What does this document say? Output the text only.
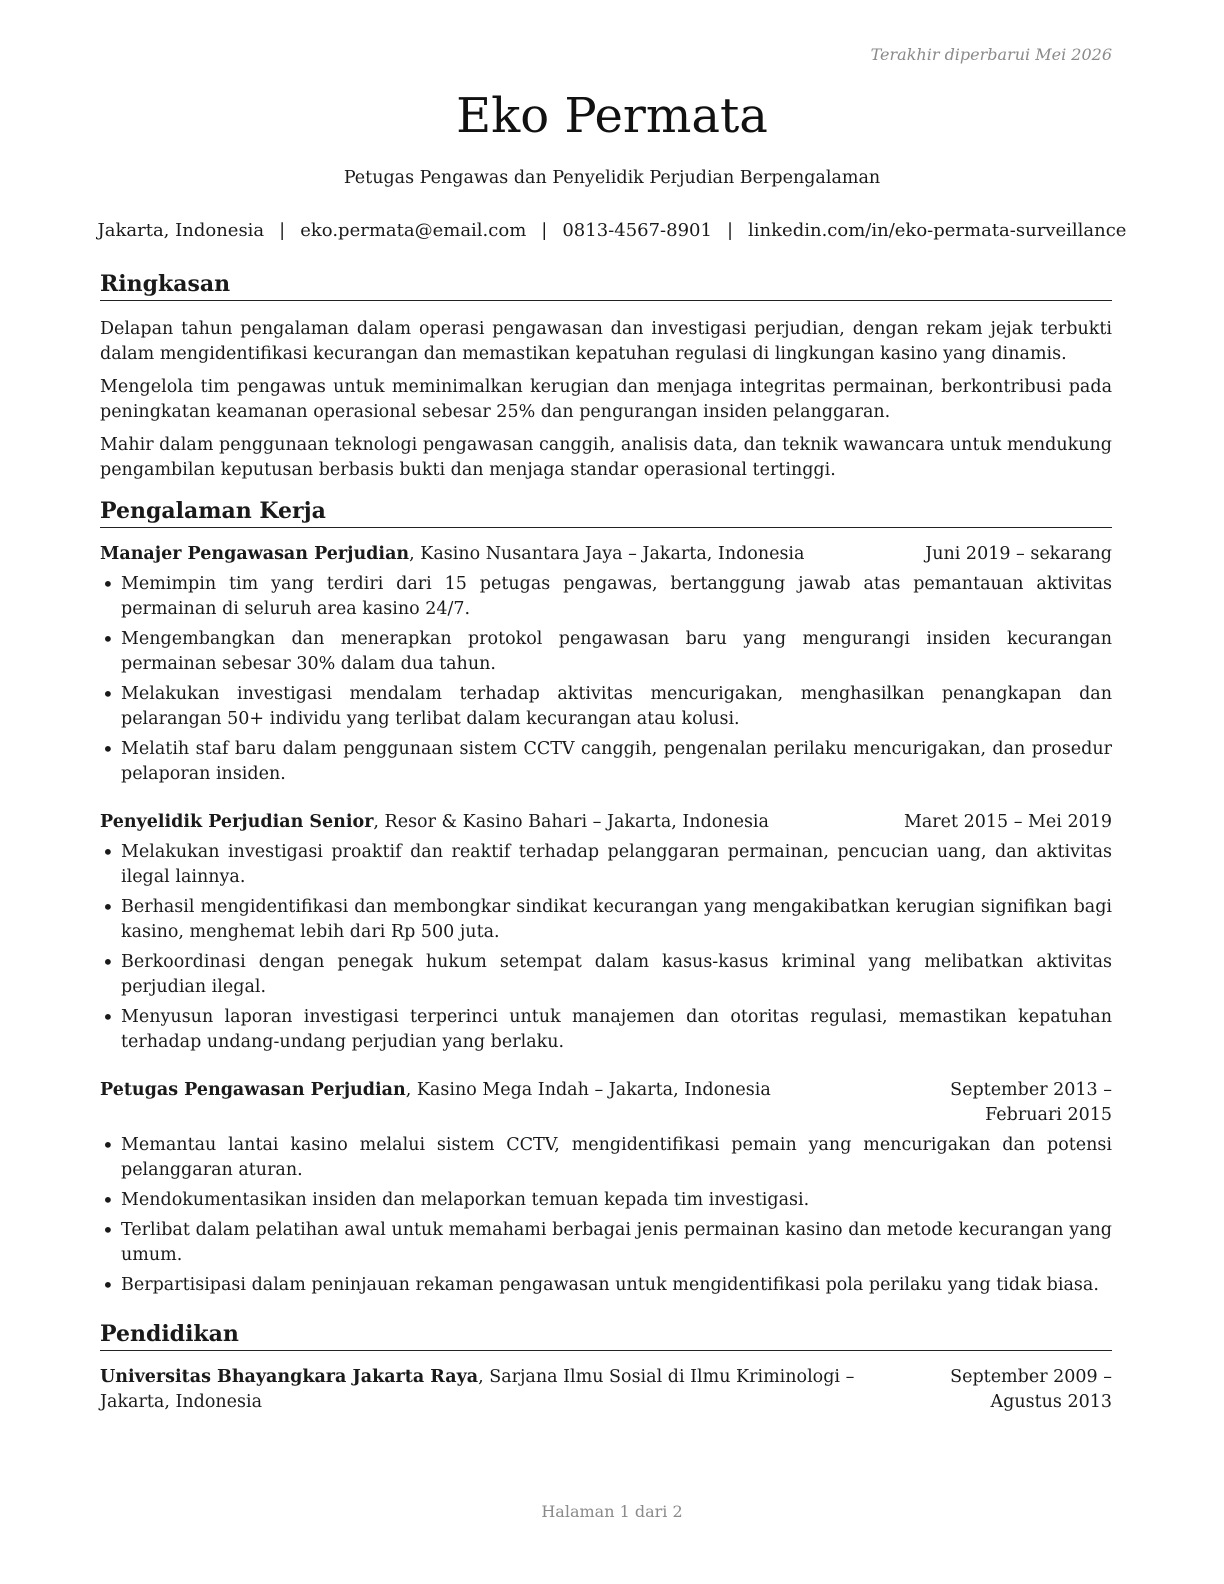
Terakhir diperbarui Mei 2026
Eko Permata
Petugas Pengawas dan Penyelidik Perjudian Berpengalaman
Jakarta, Indonesia | eko.permata@email.com | 0813-4567-8901 | linkedin.com/in/eko-permata-surveillance
Ringkasan

Delapan tahun pengalaman dalam operasi pengawasan dan investigasi perjudian, dengan rekam jejak terbukti dalam mengidentifikasi kecurangan dan memastikan kepatuhan regulasi di lingkungan kasino yang dinamis.

Mengelola tim pengawas untuk meminimalkan kerugian dan menjaga integritas permainan, berkontribusi pada peningkatan keamanan operasional sebesar 25% dan pengurangan insiden pelanggaran.

Mahir dalam penggunaan teknologi pengawasan canggih, analisis data, dan teknik wawancara untuk mendukung pengambilan keputusan berbasis bukti dan menjaga standar operasional tertinggi.

Pengalaman Kerja
Manajer Pengawasan Perjudian, Kasino Nusantara Jaya – Jakarta, Indonesia	Juni 2019 – sekarang
• Memimpin tim yang terdiri dari 15 petugas pengawas, bertanggung jawab atas pemantauan aktivitas permainan di seluruh area kasino 24/7.
• Mengembangkan dan menerapkan protokol pengawasan baru yang mengurangi insiden kecurangan permainan sebesar 30% dalam dua tahun.
• Melakukan investigasi mendalam terhadap aktivitas mencurigakan, menghasilkan penangkapan dan pelarangan 50+ individu yang terlibat dalam kecurangan atau kolusi.
• Melatih staf baru dalam penggunaan sistem CCTV canggih, pengenalan perilaku mencurigakan, dan prosedur pelaporan insiden.
Penyelidik Perjudian Senior, Resor & Kasino Bahari – Jakarta, Indonesia	Maret 2015 – Mei 2019
• Melakukan investigasi proaktif dan reaktif terhadap pelanggaran permainan, pencucian uang, dan aktivitas ilegal lainnya.
• Berhasil mengidentifikasi dan membongkar sindikat kecurangan yang mengakibatkan kerugian signifikan bagi kasino, menghemat lebih dari Rp 500 juta.
• Berkoordinasi dengan penegak hukum setempat dalam kasus-kasus kriminal yang melibatkan aktivitas perjudian ilegal.
• Menyusun laporan investigasi terperinci untuk manajemen dan otoritas regulasi, memastikan kepatuhan terhadap undang-undang perjudian yang berlaku.
Petugas Pengawasan Perjudian, Kasino Mega Indah – Jakarta, Indonesia	September 2013 – Februari 2015
• Memantau lantai kasino melalui sistem CCTV, mengidentifikasi pemain yang mencurigakan dan potensi pelanggaran aturan.
• Mendokumentasikan insiden dan melaporkan temuan kepada tim investigasi.
• Terlibat dalam pelatihan awal untuk memahami berbagai jenis permainan kasino dan metode kecurangan yang umum.
• Berpartisipasi dalam peninjauan rekaman pengawasan untuk mengidentifikasi pola perilaku yang tidak biasa.
Pendidikan
Universitas Bhayangkara Jakarta Raya, Sarjana Ilmu Sosial di Ilmu Kriminologi – Jakarta, Indonesia
September 2009 – Agustus 2013
Halaman 1 dari 2
